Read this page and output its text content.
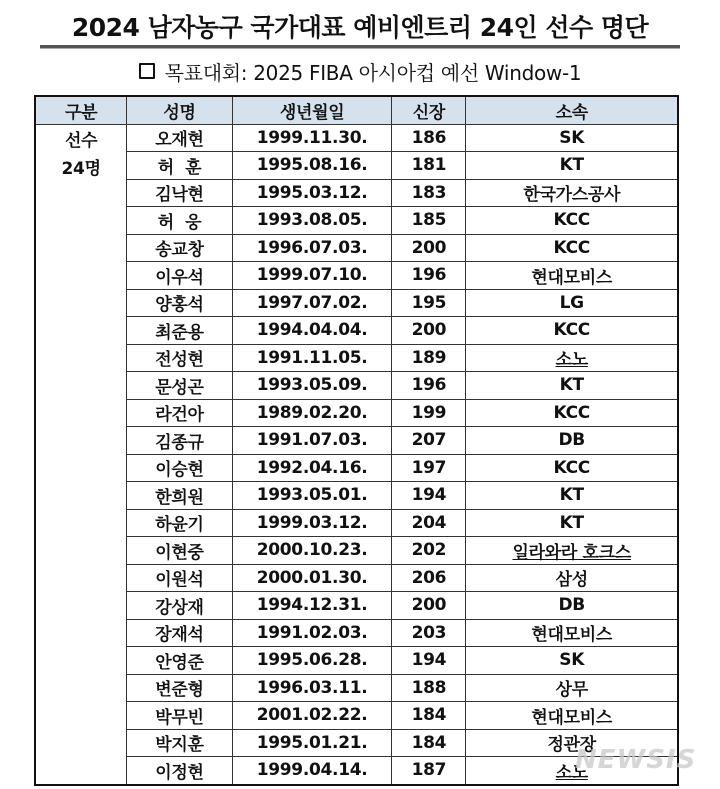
2024 남자농구 국가대표 예비엔트리 24인 선수 명단
목표대회: 2025 FIBA 아시아컵 예선 Window-1
구분	성명	생년월일	신장	소속

선수
24명	오재현	1999.11.30.	186	SK
	허  훈	1995.08.16.	181	KT
	김낙현	1995.03.12.	183	한국가스공사
	허  웅	1993.08.05.	185	KCC
	송교창	1996.07.03.	200	KCC
	이우석	1999.07.10.	196	현대모비스
	양홍석	1997.07.02.	195	LG
	최준용	1994.04.04.	200	KCC
	전성현	1991.11.05.	189	소노
	문성곤	1993.05.09.	196	KT
	라건아	1989.02.20.	199	KCC
	김종규	1991.07.03.	207	DB
	이승현	1992.04.16.	197	KCC
	한희원	1993.05.01.	194	KT
	하윤기	1999.03.12.	204	KT
	이현중	2000.10.23.	202	일라와라 호크스
	이원석	2000.01.30.	206	삼성
	강상재	1994.12.31.	200	DB
	장재석	1991.02.03.	203	현대모비스
	안영준	1995.06.28.	194	SK
	변준형	1996.03.11.	188	상무
	박무빈	2001.02.22.	184	현대모비스
	박지훈	1995.01.21.	184	정관장
	이정현	1999.04.14.	187	소노
NEWSIS
